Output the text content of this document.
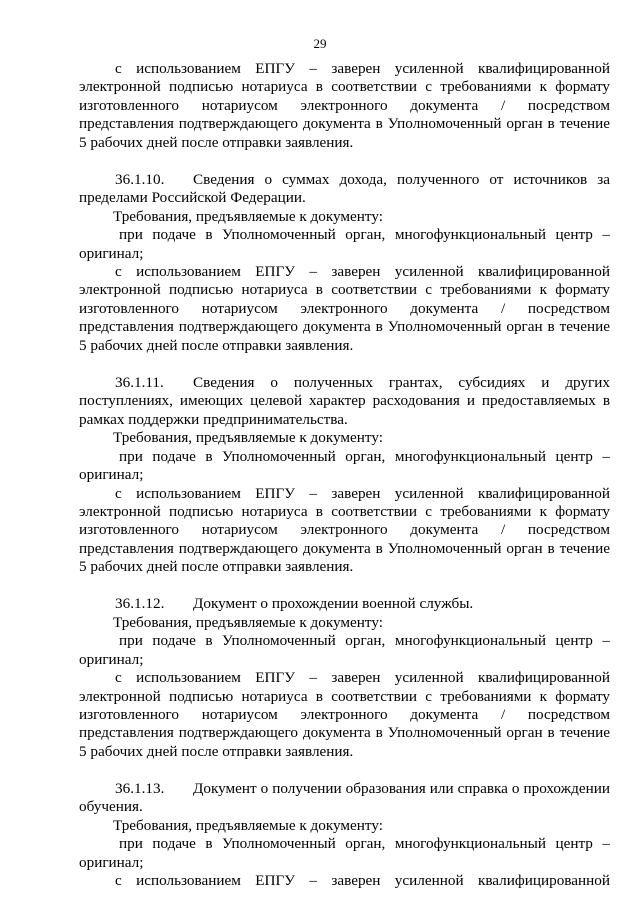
29

с использованием ЕПГУ – заверен усиленной квалифицированной электронной подписью нотариуса в соответствии с требованиями к формату изготовленного нотариусом электронного документа / посредством представления подтверждающего документа в Уполномоченный орган в течение 5 рабочих дней после отправки заявления.

36.1.10. Сведения о суммах дохода, полученного от источников за пределами Российской Федерации.

Требования, предъявляемые к документу:

при подаче в Уполномоченный орган, многофункциональный центр – оригинал;

с использованием ЕПГУ – заверен усиленной квалифицированной электронной подписью нотариуса в соответствии с требованиями к формату изготовленного нотариусом электронного документа / посредством представления подтверждающего документа в Уполномоченный орган в течение 5 рабочих дней после отправки заявления.

36.1.11. Сведения о полученных грантах, субсидиях и других поступлениях, имеющих целевой характер расходования и предоставляемых в рамках поддержки предпринимательства.

Требования, предъявляемые к документу:

при подаче в Уполномоченный орган, многофункциональный центр – оригинал;

с использованием ЕПГУ – заверен усиленной квалифицированной электронной подписью нотариуса в соответствии с требованиями к формату изготовленного нотариусом электронного документа / посредством представления подтверждающего документа в Уполномоченный орган в течение 5 рабочих дней после отправки заявления.

36.1.12. Документ о прохождении военной службы.

Требования, предъявляемые к документу:

при подаче в Уполномоченный орган, многофункциональный центр – оригинал;

с использованием ЕПГУ – заверен усиленной квалифицированной электронной подписью нотариуса в соответствии с требованиями к формату изготовленного нотариусом электронного документа / посредством представления подтверждающего документа в Уполномоченный орган в течение 5 рабочих дней после отправки заявления.

36.1.13. Документ о получении образования или справка о прохождении обучения.

Требования, предъявляемые к документу:

при подаче в Уполномоченный орган, многофункциональный центр – оригинал;

с использованием ЕПГУ – заверен усиленной квалифицированной
